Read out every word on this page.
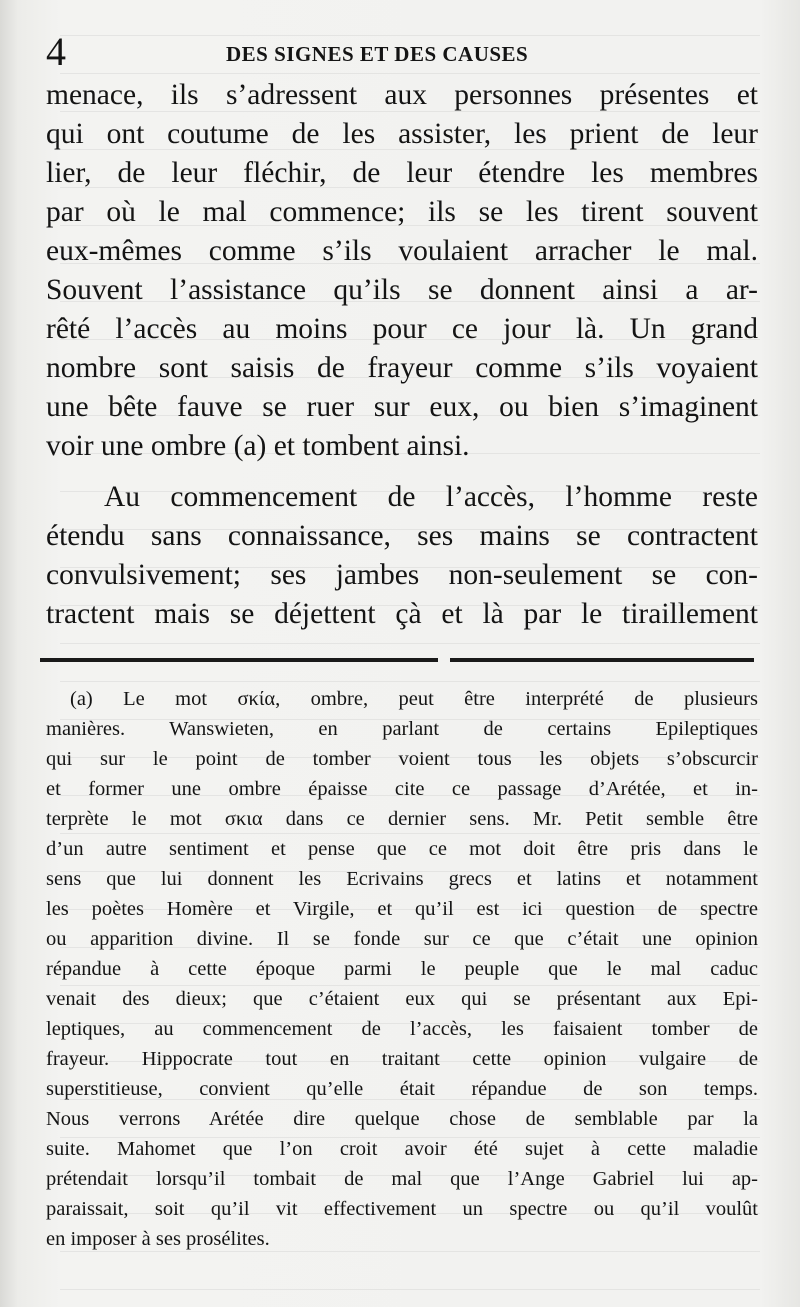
4	DES SIGNES ET DES CAUSES
menace, ils s’adressent aux personnes présentes et
qui ont coutume de les assister, les prient de leur
lier, de leur fléchir, de leur étendre les membres
par où le mal commence; ils se les tirent souvent
eux-mêmes comme s’ils voulaient arracher le mal.
Souvent l’assistance qu’ils se donnent ainsi a ar-
rêté l’accès au moins pour ce jour là. Un grand
nombre sont saisis de frayeur comme s’ils voyaient
une bête fauve se ruer sur eux, ou bien s’imaginent
voir une ombre (a) et tombent ainsi.
Au commencement de l’accès, l’homme reste
étendu sans connaissance, ses mains se contractent
convulsivement; ses jambes non-seulement se con-
tractent mais se déjettent çà et là par le tiraillement
(a) Le mot σκία, ombre, peut être interprété de plusieurs
manières. Wanswieten, en parlant de certains Epileptiques
qui sur le point de tomber voient tous les objets s’obscurcir
et former une ombre épaisse cite ce passage d’Arétée, et in-
terprète le mot σκια dans ce dernier sens. Mr. Petit semble être
d’un autre sentiment et pense que ce mot doit être pris dans le
sens que lui donnent les Ecrivains grecs et latins et notamment
les poètes Homère et Virgile, et qu’il est ici question de spectre
ou apparition divine. Il se fonde sur ce que c’était une opinion
répandue à cette époque parmi le peuple que le mal caduc
venait des dieux; que c’étaient eux qui se présentant aux Epi-
leptiques, au commencement de l’accès, les faisaient tomber de
frayeur. Hippocrate tout en traitant cette opinion vulgaire de
superstitieuse, convient qu’elle était répandue de son temps.
Nous verrons Arétée dire quelque chose de semblable par la
suite. Mahomet que l’on croit avoir été sujet à cette maladie
prétendait lorsqu’il tombait de mal que l’Ange Gabriel lui ap-
paraissait, soit qu’il vit effectivement un spectre ou qu’il voulût
en imposer à ses prosélites.
